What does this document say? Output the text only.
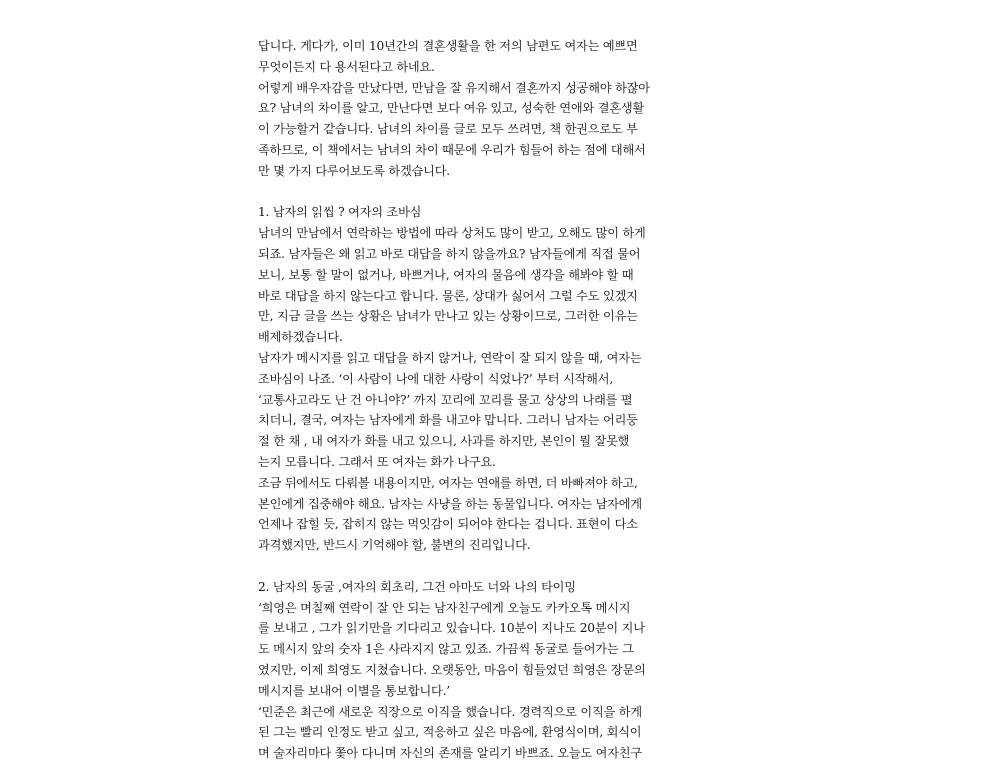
답니다. 게다가, 이미 10년간의 결혼생활을 한 저의 남편도 여자는 예쁘면
무엇이든지 다 용서된다고 하네요.
어렇게 배우자감을 만났다면, 만남을 잘 유지해서 결혼까지 성공해야 하잖아
요? 남녀의 차이를 알고, 만난다면 보다 여유 있고, 성숙한 연애와 결혼생활
이 가능할거 같습니다. 남녀의 차이를 글로 모두 쓰려면, 책 한권으로도 부
족하므로, 이 책에서는 남녀의 차이 때문에 우리가 힘들어 하는 점에 대해서
만 몇 가지 다루어보도록 하겠습니다.
1. 남자의 읽씹 ? 여자의 조바심
남녀의 만남에서 연락하는 방법에 따라 상처도 많이 받고, 오해도 많이 하게
되죠. 남자들은 왜 읽고 바로 대답을 하지 않을까요? 남자들에게 직접 물어
보니, 보통 할 말이 없거나, 바쁘거나, 여자의 물음에 생각을 해봐야 할 때
바로 대답을 하지 않는다고 합니다. 물론, 상대가 싫어서 그럴 수도 있겠지
만, 지금 글을 쓰는 상황은 남녀가 만나고 있는 상황이므로, 그러한 이유는
배제하겠습니다.
남자가 메시지를 읽고 대답을 하지 않거나, 연락이 잘 되지 않을 때, 여자는
조바심이 나죠. ‘이 사람이 나에 대한 사랑이 식었나?’ 부터 시작해서,
‘교통사고라도 난 건 아니야?’ 까지 꼬리에 꼬리를 물고 상상의 나래를 펼
치더니, 결국, 여자는 남자에게 화를 내고야 맙니다. 그러니 남자는 어리둥
절 한 채 , 내 여자가 화를 내고 있으니, 사과를 하지만, 본인이 뭘 잘못했
는지 모릅니다. 그래서 또 여자는 화가 나구요.
조금 뒤에서도 다뤄볼 내용이지만, 여자는 연애를 하면, 더 바빠져야 하고,
본인에게 집중해야 해요. 남자는 사냥을 하는 동물입니다. 여자는 남자에게
언제나 잡힐 듯, 잡히지 않는 먹잇감이 되어야 한다는 겁니다. 표현이 다소
과격했지만, 반드시 기억해야 할, 불변의 진리입니다.
2. 남자의 동굴 ,여자의 회초리, 그건 아마도 너와 나의 타이밍
‘희영은 며칠째 연락이 잘 안 되는 남자친구에게 오늘도 카카오톡 메시지
를 보내고 , 그가 읽기만을 기다리고 있습니다. 10분이 지나도 20분이 지나
도 메시지 앞의 숫자 1은 사라지지 않고 있죠. 가끔씩 동굴로 들어가는 그
였지만, 이제 희영도 지쳤습니다. 오랫동안, 마음이 힘들었던 희영은 장문의
메시지를 보내어 이별을 통보합니다.’
‘민준은 최근에 새로운 직장으로 이직을 했습니다. 경력직으로 이직을 하게
된 그는 빨리 인정도 받고 싶고, 적응하고 싶은 마음에, 환영식이며, 회식이
며 술자리마다 쫓아 다니며 자신의 존재를 알리기 바쁘죠. 오늘도 여자친구
